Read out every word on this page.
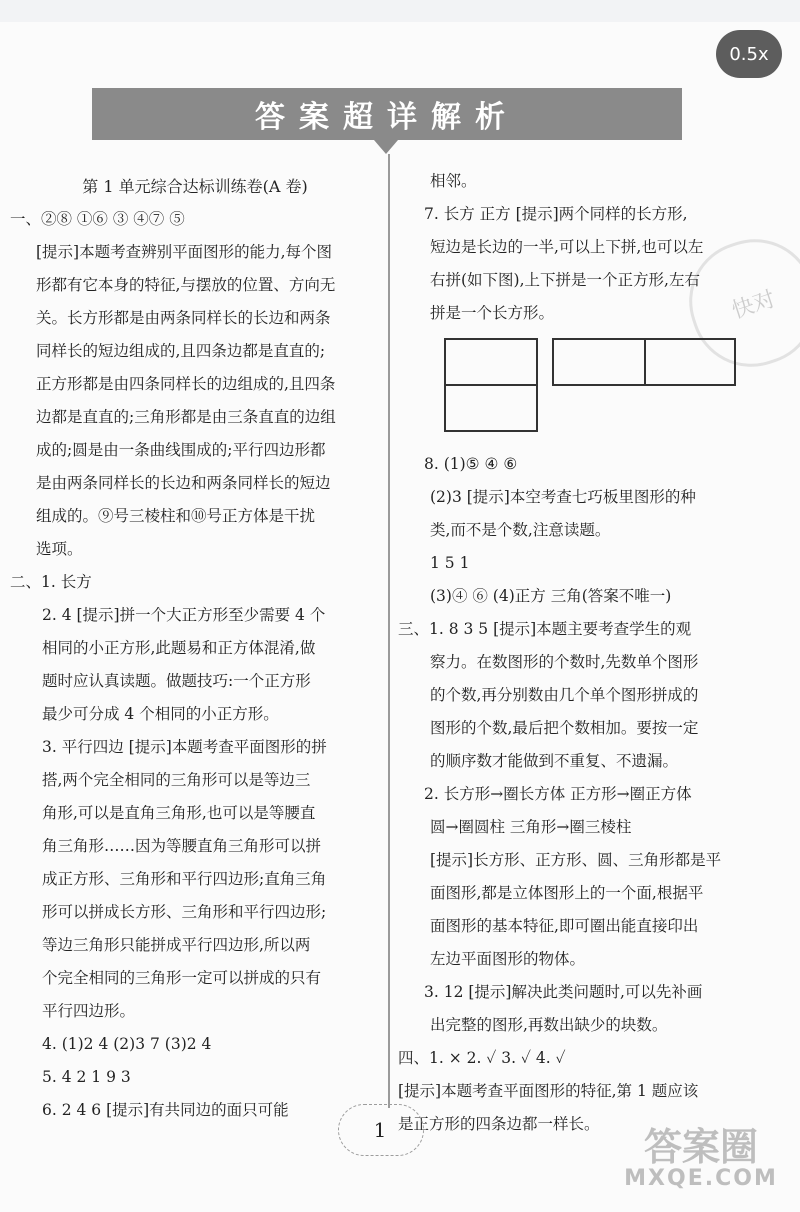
0.5x
答案超详解析
快对
第 1 单元综合达标训练卷(A 卷)
一、②⑧ ①⑥ ③ ④⑦ ⑤
[提示]本题考查辨别平面图形的能力,每个图
形都有它本身的特征,与摆放的位置、方向无
关。长方形都是由两条同样长的长边和两条
同样长的短边组成的,且四条边都是直直的;
正方形都是由四条同样长的边组成的,且四条
边都是直直的;三角形都是由三条直直的边组
成的;圆是由一条曲线围成的;平行四边形都
是由两条同样长的长边和两条同样长的短边
组成的。⑨号三棱柱和⑩号正方体是干扰
选项。
二、1. 长方
2. 4 [提示]拼一个大正方形至少需要 4 个
相同的小正方形,此题易和正方体混淆,做
题时应认真读题。做题技巧:一个正方形
最少可分成 4 个相同的小正方形。
3. 平行四边 [提示]本题考查平面图形的拼
搭,两个完全相同的三角形可以是等边三
角形,可以是直角三角形,也可以是等腰直
角三角形……因为等腰直角三角形可以拼
成正方形、三角形和平行四边形;直角三角
形可以拼成长方形、三角形和平行四边形;
等边三角形只能拼成平行四边形,所以两
个完全相同的三角形一定可以拼成的只有
平行四边形。
4. (1)2 4 (2)3 7 (3)2 4
5. 4 2 1 9 3
6. 2 4 6 [提示]有共同边的面只可能
相邻。
7. 长方 正方 [提示]两个同样的长方形,
短边是长边的一半,可以上下拼,也可以左
右拼(如下图),上下拼是一个正方形,左右
拼是一个长方形。
8. (1)⑤ ④ ⑥
(2)3 [提示]本空考查七巧板里图形的种
类,而不是个数,注意读题。
1 5 1
(3)④ ⑥ (4)正方 三角(答案不唯一)
三、1. 8 3 5 [提示]本题主要考查学生的观
察力。在数图形的个数时,先数单个图形
的个数,再分别数由几个单个图形拼成的
图形的个数,最后把个数相加。要按一定
的顺序数才能做到不重复、不遗漏。
2. 长方形→圈长方体 正方形→圈正方体
圆→圈圆柱 三角形→圈三棱柱
[提示]长方形、正方形、圆、三角形都是平
面图形,都是立体图形上的一个面,根据平
面图形的基本特征,即可圈出能直接印出
左边平面图形的物体。
3. 12 [提示]解决此类问题时,可以先补画
出完整的图形,再数出缺少的块数。
四、1. × 2. ✓ 3. ✓ 4. ✓
[提示]本题考查平面图形的特征,第 1 题应该
是正方形的四条边都一样长。
1	答案圈
MXQE.COM
